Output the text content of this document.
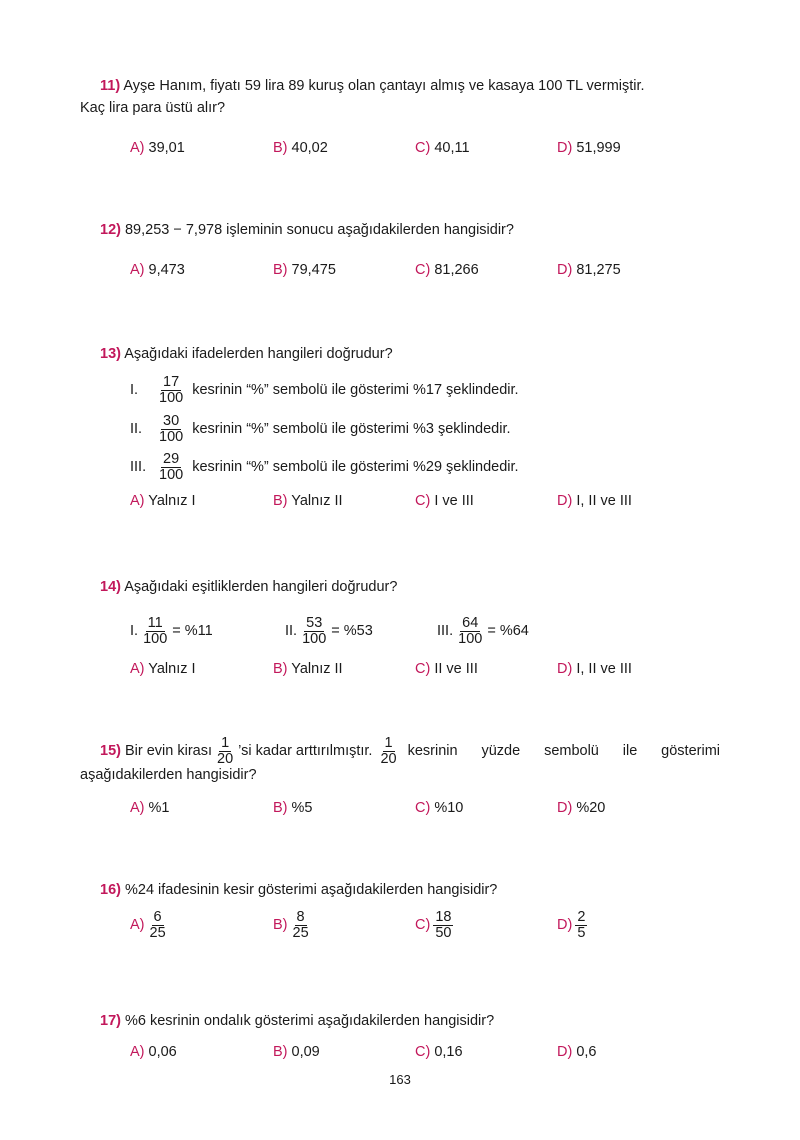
11) Ayşe Hanım, fiyatı 59 lira 89 kuruş olan çantayı almış ve kasaya 100 TL vermiştir.
Kaç lira para üstü alır?
A) 39,01	B) 40,02	C) 40,11	D) 51,999
12) 89,253 − 7,978 işleminin sonucu aşağıdakilerden hangisidir?
A) 9,473	B) 79,475	C) 81,266	D) 81,275
13) Aşağıdaki ifadelerden hangileri doğrudur?
I.	$\frac{17}{100}$ kesrinin “%” sembolü ile gösterimi %17 şeklindedir.
II.	$\frac{30}{100}$ kesrinin “%” sembolü ile gösterimi %3 şeklindedir.
III. $\frac{29}{100}$ kesrinin “%” sembolü ile gösterimi %29 şeklindedir.
A) Yalnız I	B) Yalnız II	C) I ve III	D) I, II ve III
14) Aşağıdaki eşitliklerden hangileri doğrudur?
I. $\frac{11}{100} = \%11$	II. $\frac{53}{100} = \%53$	III. $\frac{64}{100} = \%64$
A) Yalnız I	B) Yalnız II	C) II ve III	D) I, II ve III
15) Bir evin kirası $\frac{1}{20}$ ’si kadar arttırılmıştır. $\frac{1}{20}$ kesrinin yüzde sembolü ile gösterimi
aşağıdakilerden hangisidir?
A) %1	B) %5	C) %10	D) %20
16) %24 ifadesinin kesir gösterimi aşağıdakilerden hangisidir?
$A) \frac{6}{25}$	$B) \frac{8}{25}$	$C) \frac{18}{50}$	$D) \frac{2}{5}$
17) %6 kesrinin ondalık gösterimi aşağıdakilerden hangisidir?
A) 0,06	B) 0,09	C) 0,16	D) 0,6
163
